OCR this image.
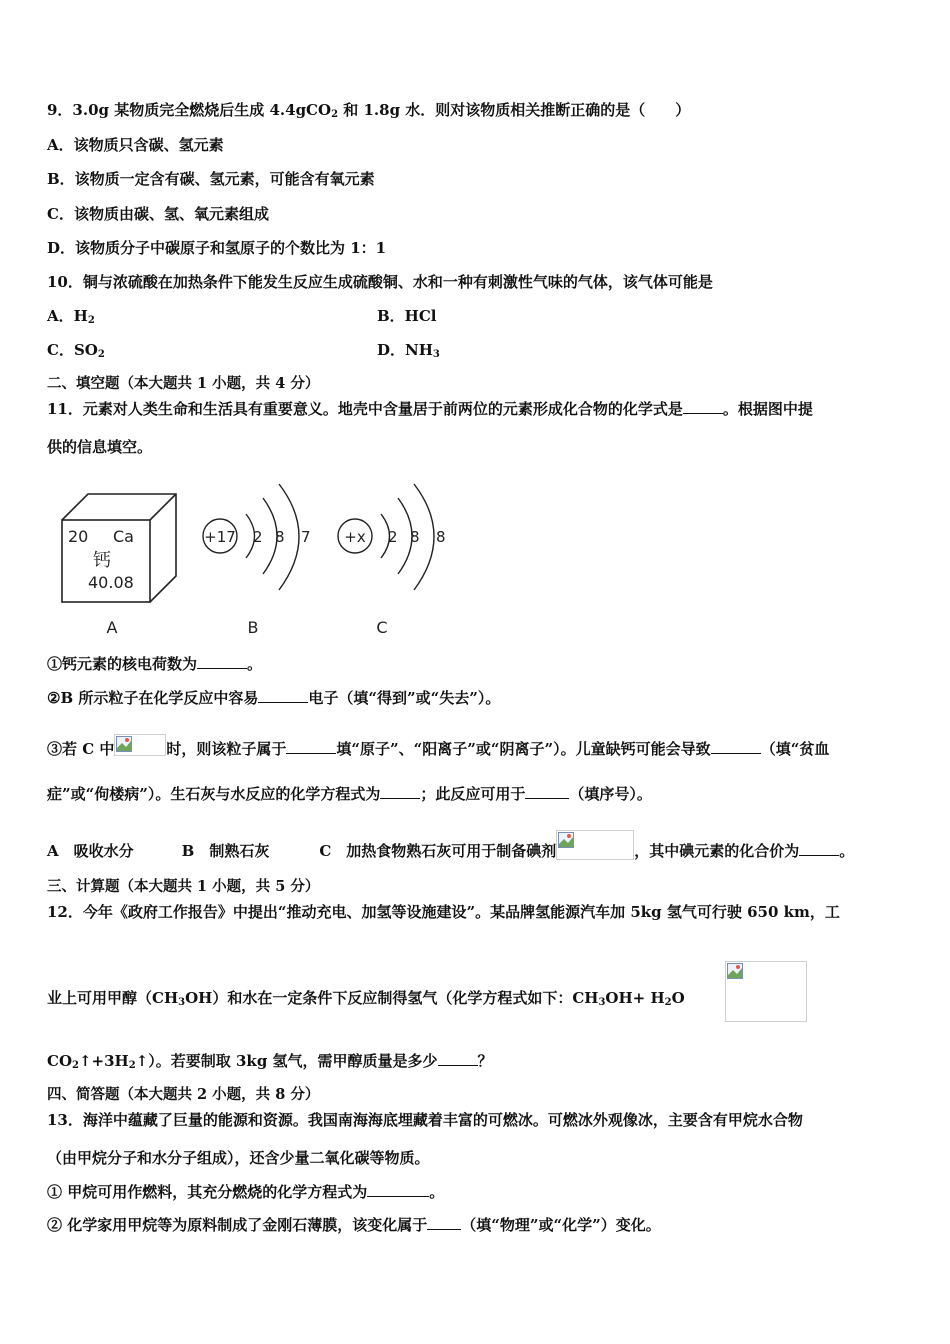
9．3.0g 某物质完全燃烧后生成 4.4gCO$_2$ 和 1.8g 水．则对该物质相关推断正确的是（　　）
A．该物质只含碳、氢元素
B．该物质一定含有碳、氢元素，可能含有氧元素
C．该物质由碳、氢、氧元素组成
D．该物质分子中碳原子和氢原子的个数比为 1：1
10．铜与浓硫酸在加热条件下能发生反应生成硫酸铜、水和一种有刺激性气味的气体，该气体可能是
A．$H_2$	B．HCl
C．$SO_2$	D．$NH_3$
二、填空题（本大题共 1 小题，共 4 分）
11．元素对人类生命和生活具有重要意义。地壳中含量居于前两位的元素形成化合物的化学式是	。根据图中提
供的信息填空。
20 Ca
钙
40.08
+17 2 8 7 +x 2 8 8
A	B	C
①钙元素的核电荷数为	。
②B 所示粒子在化学反应中容易	电子（填“得到”或“失去”）。
③若 C 中	时，则该粒子属于	填“原子”、“阳离子”或“阴离子”）。儿童缺钙可能会导致	（填“贫血
症”或“佝楼病”）。生石灰与水反应的化学方程式为	；此反应可用于	（填序号）。
A　吸收水分	B　制熟石灰	C　加热食物熟石灰可用于制备碘剂	，其中碘元素的化合价为	。
三、计算题（本大题共 1 小题，共 5 分）
12．今年《政府工作报告》中提出“推动充电、加氢等设施建设”。某品牌氢能源汽车加 5kg 氢气可行驶 650 km，工
业上可用甲醇$(CH_3OH)$和水在一定条件下反应制得氢气（化学方程式如下：$CH_3OH+ H_2O$
$CO_2↑+3H_2↑$）。若要制取 3kg 氢气，需甲醇质量是多少	？
四、简答题（本大题共 2 小题，共 8 分）
13．海洋中蕴藏了巨量的能源和资源。我国南海海底埋藏着丰富的可燃冰。可燃冰外观像冰，主要含有甲烷水合物
（由甲烷分子和水分子组成），还含少量二氧化碳等物质。
① 甲烷可用作燃料，其充分燃烧的化学方程式为	。
② 化学家用甲烷等为原料制成了金刚石薄膜，该变化属于 （填“物理”或“化学”）变化。
